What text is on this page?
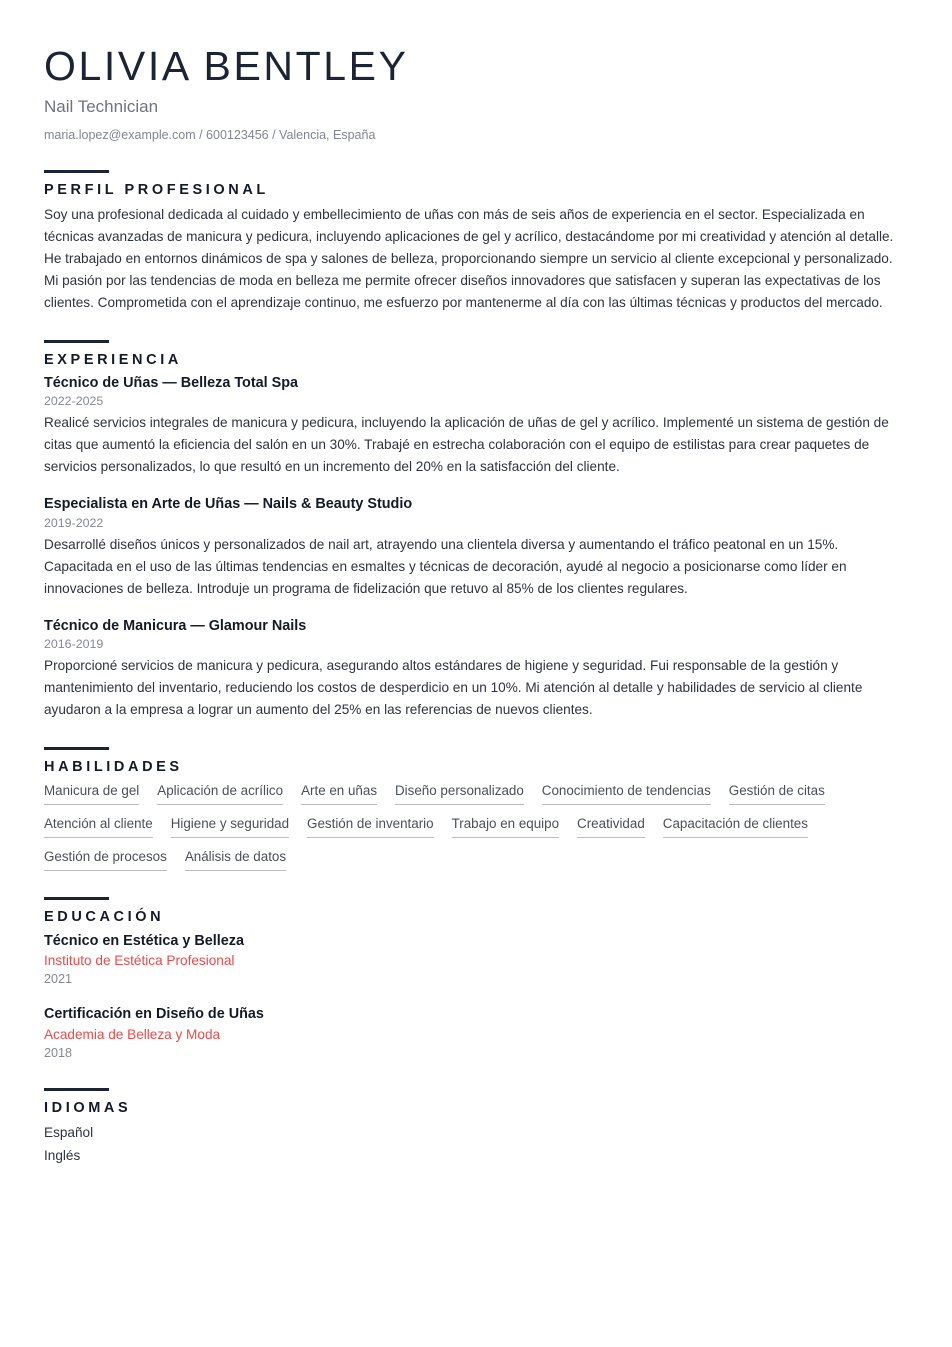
OLIVIA BENTLEY
Nail Technician
maria.lopez@example.com / 600123456 / Valencia, España
PERFIL PROFESIONAL

Soy una profesional dedicada al cuidado y embellecimiento de uñas con más de seis años de experiencia en el sector. Especializada en técnicas avanzadas de manicura y pedicura, incluyendo aplicaciones de gel y acrílico, destacándome por mi creatividad y atención al detalle. He trabajado en entornos dinámicos de spa y salones de belleza, proporcionando siempre un servicio al cliente excepcional y personalizado. Mi pasión por las tendencias de moda en belleza me permite ofrecer diseños innovadores que satisfacen y superan las expectativas de los clientes. Comprometida con el aprendizaje continuo, me esfuerzo por mantenerme al día con las últimas técnicas y productos del mercado.

EXPERIENCIA
Técnico de Uñas — Belleza Total Spa
2022-2025

Realicé servicios integrales de manicura y pedicura, incluyendo la aplicación de uñas de gel y acrílico. Implementé un sistema de gestión de citas que aumentó la eficiencia del salón en un 30%. Trabajé en estrecha colaboración con el equipo de estilistas para crear paquetes de servicios personalizados, lo que resultó en un incremento del 20% en la satisfacción del cliente.

Especialista en Arte de Uñas — Nails & Beauty Studio
2019-2022

Desarrollé diseños únicos y personalizados de nail art, atrayendo una clientela diversa y aumentando el tráfico peatonal en un 15%. Capacitada en el uso de las últimas tendencias en esmaltes y técnicas de decoración, ayudé al negocio a posicionarse como líder en innovaciones de belleza. Introduje un programa de fidelización que retuvo al 85% de los clientes regulares.

Técnico de Manicura — Glamour Nails
2016-2019

Proporcioné servicios de manicura y pedicura, asegurando altos estándares de higiene y seguridad. Fui responsable de la gestión y mantenimiento del inventario, reduciendo los costos de desperdicio en un 10%. Mi atención al detalle y habilidades de servicio al cliente ayudaron a la empresa a lograr un aumento del 25% en las referencias de nuevos clientes.

HABILIDADES
Manicura de gel Aplicación de acrílico Arte en uñas Diseño personalizado Conocimiento de tendencias Gestión de citas
Atención al cliente Higiene y seguridad Gestión de inventario Trabajo en equipo Creatividad Capacitación de clientes
Gestión de procesos Análisis de datos
EDUCACIÓN
Técnico en Estética y Belleza
Instituto de Estética Profesional
2021
Certificación en Diseño de Uñas
Academia de Belleza y Moda
2018
IDIOMAS
Español
Inglés
